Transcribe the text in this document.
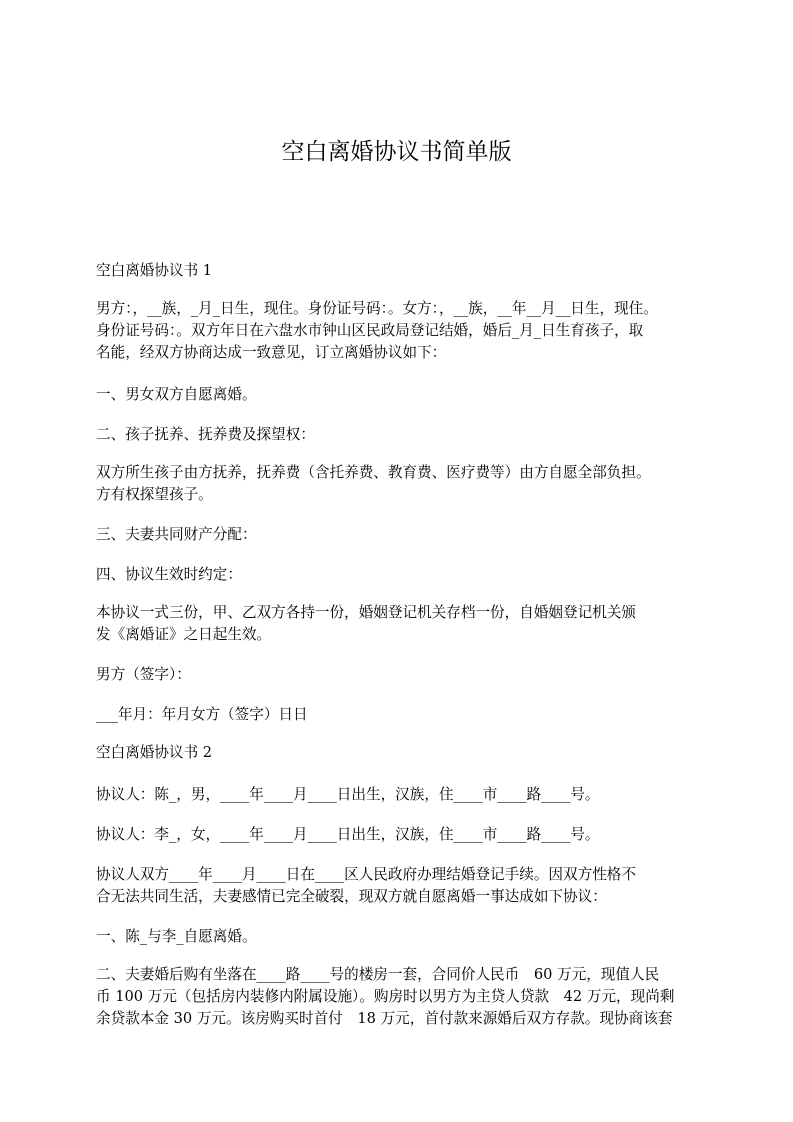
空白离婚协议书简单版
空白离婚协议书 1
男方：，__族，_月_日生，现住。身份证号码：。女方：，__族，__年__月__日生，现住。
身份证号码：。双方年日在六盘水市钟山区民政局登记结婚，婚后_月_日生育孩子，取
名能，经双方协商达成一致意见，订立离婚协议如下：
一、男女双方自愿离婚。
二、孩子抚养、抚养费及探望权：
双方所生孩子由方抚养，抚养费（含托养费、教育费、医疗费等）由方自愿全部负担。
方有权探望孩子。
三、夫妻共同财产分配：
四、协议生效时约定：
本协议一式三份，甲、乙双方各持一份，婚姻登记机关存档一份，自婚姻登记机关颁
发《离婚证》之日起生效。
男方（签字）：
___年月：年月女方（签字）日日
空白离婚协议书 2
协议人：陈_，男，____年____月____日出生，汉族，住____市____路____号。
协议人：李_，女，____年____月____日出生，汉族，住____市____路____号。
协议人双方____年____月____日在____区人民政府办理结婚登记手续。因双方性格不
合无法共同生活，夫妻感情已完全破裂，现双方就自愿离婚一事达成如下协议：
一、陈_与李_自愿离婚。
二、夫妻婚后购有坐落在____路____号的楼房一套，合同价人民币　60 万元，现值人民
币 100 万元（包括房内装修内附属设施）。购房时以男方为主贷人贷款　42 万元，现尚剩
余贷款本金 30 万元。该房购买时首付　18 万元，首付款来源婚后双方存款。现协商该套
